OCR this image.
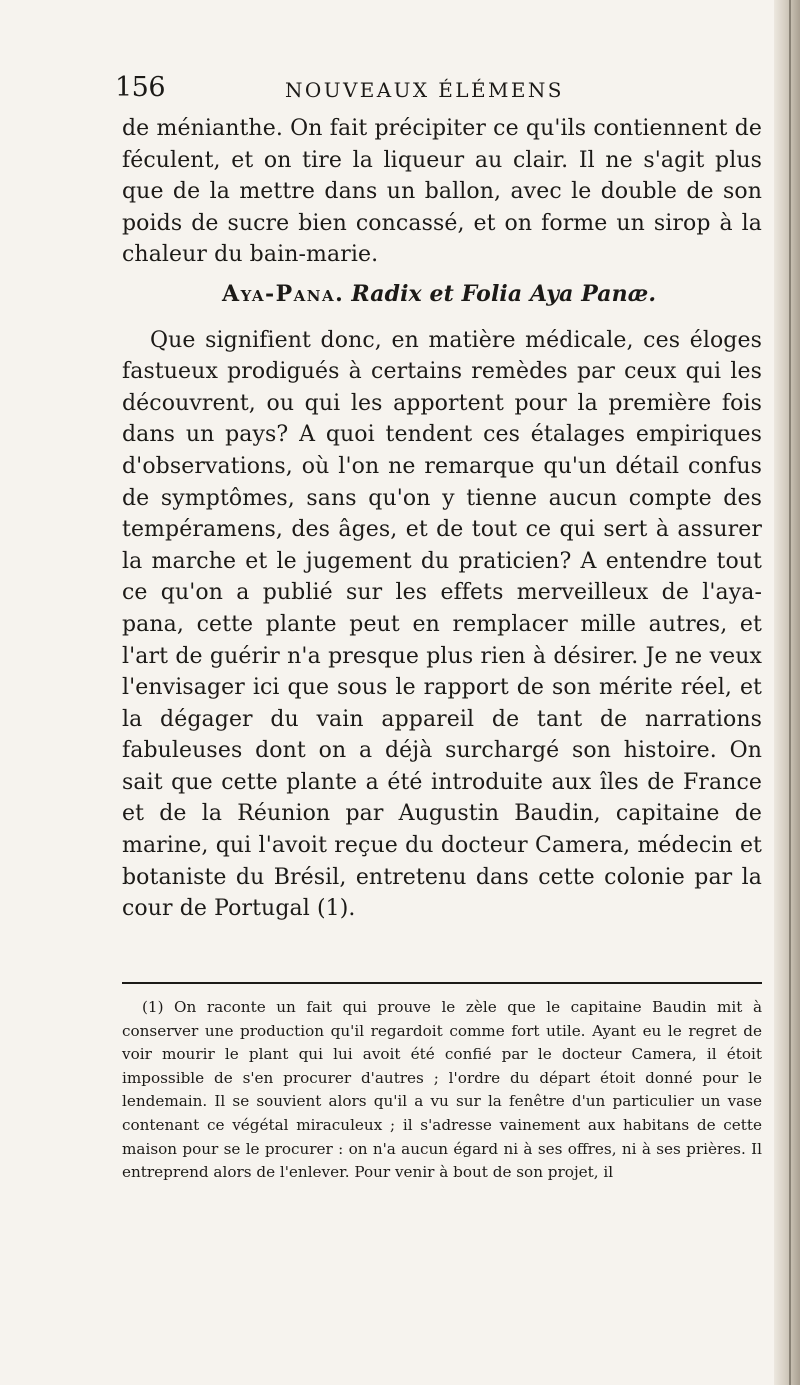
156	NOUVEAUX ÉLÉMENS

de ménianthe. On fait précipiter ce qu'ils contiennent de féculent, et on tire la liqueur au clair. Il ne s'agit plus que de la mettre dans un ballon, avec le double de son poids de sucre bien concassé, et on forme un sirop à la chaleur du bain-marie.

Aya-Pana. Radix et Folia Aya Panæ.

Que signifient donc, en matière médicale, ces éloges fastueux prodigués à certains remèdes par ceux qui les découvrent, ou qui les apportent pour la première fois dans un pays? A quoi tendent ces étalages empiriques d'observations, où l'on ne remarque qu'un détail confus de symptômes, sans qu'on y tienne aucun compte des tempéramens, des âges, et de tout ce qui sert à assurer la marche et le jugement du praticien? A entendre tout ce qu'on a publié sur les effets merveilleux de l'aya-pana, cette plante peut en remplacer mille autres, et l'art de guérir n'a presque plus rien à désirer. Je ne veux l'envisager ici que sous le rapport de son mérite réel, et la dégager du vain appareil de tant de narrations fabuleuses dont on a déjà surchargé son histoire. On sait que cette plante a été introduite aux îles de France et de la Réunion par Augustin Baudin, capitaine de marine, qui l'avoit reçue du docteur Camera, médecin et botaniste du Brésil, entretenu dans cette colonie par la cour de Portugal (1).

(1) On raconte un fait qui prouve le zèle que le capitaine Baudin mit à conserver une production qu'il regardoit comme fort utile. Ayant eu le regret de voir mourir le plant qui lui avoit été confié par le docteur Camera, il étoit impossible de s'en procurer d'autres ; l'ordre du départ étoit donné pour le lendemain. Il se souvient alors qu'il a vu sur la fenêtre d'un particulier un vase contenant ce végétal miraculeux ; il s'adresse vainement aux habitans de cette maison pour se le procurer : on n'a aucun égard ni à ses offres, ni à ses prières. Il entreprend alors de l'enlever. Pour venir à bout de son projet, il
